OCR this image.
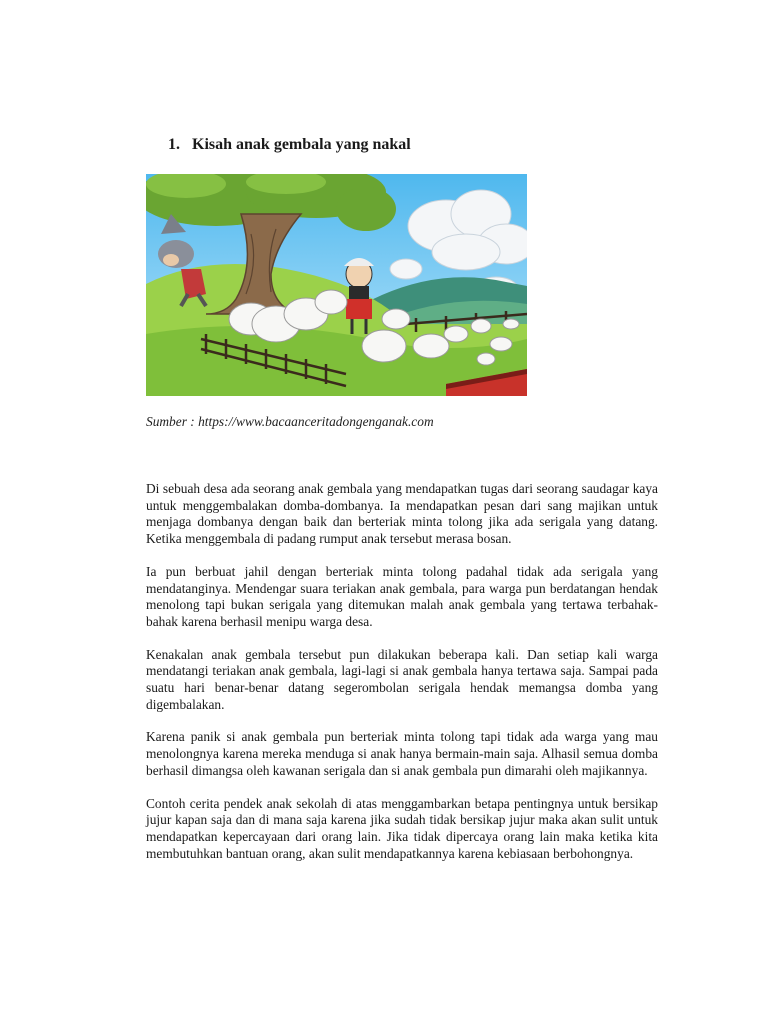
1. Kisah anak gembala yang nakal
Sumber : https://www.bacaanceritadongenganak.com

Di sebuah desa ada seorang anak gembala yang mendapatkan tugas dari seorang saudagar kaya untuk menggembalakan domba-dombanya. Ia mendapatkan pesan dari sang majikan untuk menjaga dombanya dengan baik dan berteriak minta tolong jika ada serigala yang datang. Ketika menggembala di padang rumput anak tersebut merasa bosan.

Ia pun berbuat jahil dengan berteriak minta tolong padahal tidak ada serigala yang mendatanginya. Mendengar suara teriakan anak gembala, para warga pun berdatangan hendak menolong tapi bukan serigala yang ditemukan malah anak gembala yang tertawa terbahak-bahak karena berhasil menipu warga desa.

Kenakalan anak gembala tersebut pun dilakukan beberapa kali. Dan setiap kali warga mendatangi teriakan anak gembala, lagi-lagi si anak gembala hanya tertawa saja. Sampai pada suatu hari benar-benar datang segerombolan serigala hendak memangsa domba yang digembalakan.

Karena panik si anak gembala pun berteriak minta tolong tapi tidak ada warga yang mau menolongnya karena mereka menduga si anak hanya bermain-main saja. Alhasil semua domba berhasil dimangsa oleh kawanan serigala dan si anak gembala pun dimarahi oleh majikannya.

Contoh cerita pendek anak sekolah di atas menggambarkan betapa pentingnya untuk bersikap jujur kapan saja dan di mana saja karena jika sudah tidak bersikap jujur maka akan sulit untuk mendapatkan kepercayaan dari orang lain. Jika tidak dipercaya orang lain maka ketika kita membutuhkan bantuan orang, akan sulit mendapatkannya karena kebiasaan berbohongnya.
